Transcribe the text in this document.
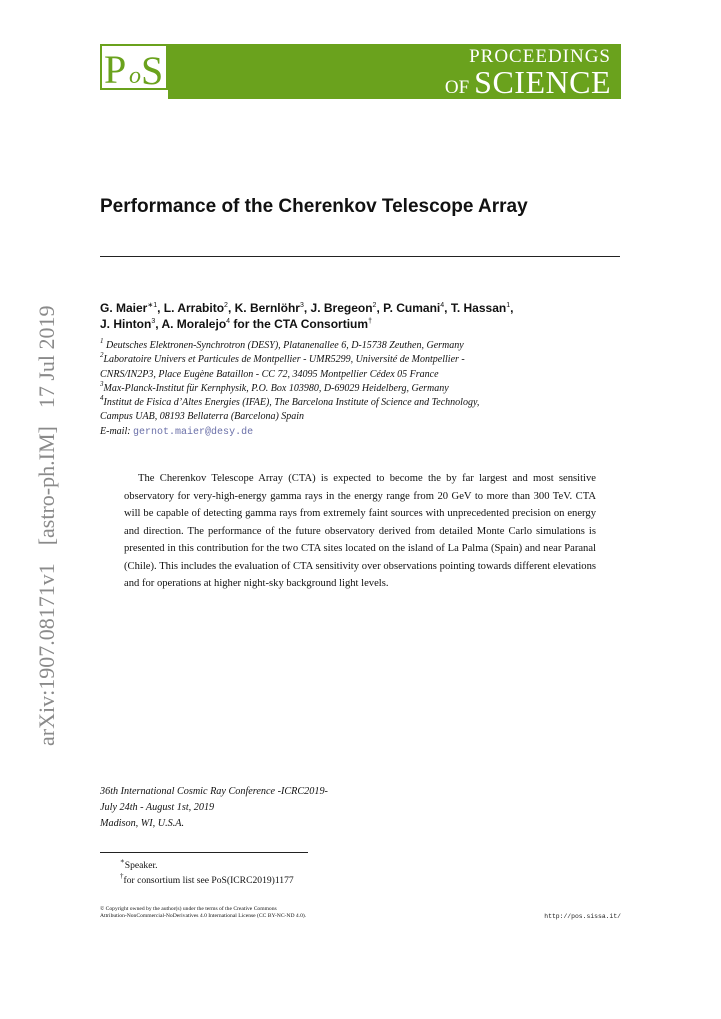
P o S	PROCEEDINGS
OF SCIENCE
arXiv:1907.08171v1[astro-ph.IM]17 Jul 2019
Performance of the Cherenkov Telescope Array
G. Maier$^{∗1}$, L. Arrabito$^2$, K. Bernlöhr$^3$, J. Bregeon$^2$, P. Cumani$^4$, T. Hassan$^1$,
J. Hinton$^3$, A. Moralejo$^4$ for the CTA Consortium†
$^1$ Deutsches Elektronen-Synchrotron (DESY), Platanenallee 6, D-15738 Zeuthen, Germany
$^2$Laboratoire Univers et Particules de Montpellier - UMR5299, Université de Montpellier -
CNRS/IN2P3, Place Eugène Bataillon - CC 72, 34095 Montpellier Cédex 05 France
$^3$Max-Planck-Institut für Kernphysik, P.O. Box 103980, D-69029 Heidelberg, Germany
$^4$Institut de Fisica d’Altes Energies (IFAE), The Barcelona Institute of Science and Technology,
Campus UAB, 08193 Bellaterra (Barcelona) Spain
E-mail: gernot.maier@desy.de
The Cherenkov Telescope Array (CTA) is expected to become the by far largest and most sensitive observatory for very-high-energy gamma rays in the energy range from 20 GeV to more than 300 TeV. CTA will be capable of detecting gamma rays from extremely faint sources with unprecedented precision on energy and direction. The performance of the future observatory derived from detailed Monte Carlo simulations is presented in this contribution for the two CTA sites located on the island of La Palma (Spain) and near Paranal (Chile). This includes the evaluation of CTA sensitivity over observations pointing towards different elevations and for operations at higher night-sky background light levels.
36th International Cosmic Ray Conference -ICRC2019-
July 24th - August 1st, 2019
Madison, WI, U.S.A.
∗Speaker.
†for consortium list see PoS(ICRC2019)1177
© Copyright owned by the author(s) under the terms of the Creative Commons
Attribution-NonCommercial-NoDerivatives 4.0 International License (CC BY-NC-ND 4.0).	http://pos.sissa.it/
